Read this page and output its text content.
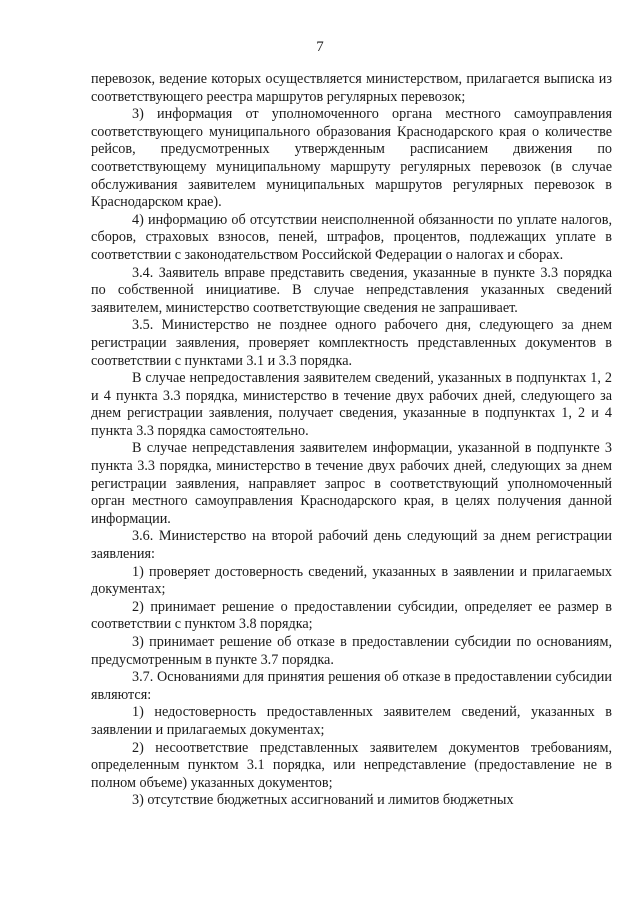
7

перевозок, ведение которых осуществляется министерством, прилагается выписка из соответствующего реестра маршрутов регулярных перевозок;

3) информация от уполномоченного органа местного самоуправления соответствующего муниципального образования Краснодарского края о количестве рейсов, предусмотренных утвержденным расписанием движения по соответствующему муниципальному маршруту регулярных перевозок (в случае обслуживания заявителем муниципальных маршрутов регулярных перевозок в Краснодарском крае).

4) информацию об отсутствии неисполненной обязанности по уплате налогов, сборов, страховых взносов, пеней, штрафов, процентов, подлежащих уплате в соответствии с законодательством Российской Федерации о налогах и сборах.

3.4. Заявитель вправе представить сведения, указанные в пункте 3.3 порядка по собственной инициативе. В случае непредставления указанных сведений заявителем, министерство соответствующие сведения не запрашивает.

3.5. Министерство не позднее одного рабочего дня, следующего за днем регистрации заявления, проверяет комплектность представленных документов в соответствии с пунктами 3.1 и 3.3 порядка.

В случае непредоставления заявителем сведений, указанных в подпунктах 1, 2 и 4 пункта 3.3 порядка, министерство в течение двух рабочих дней, следующего за днем регистрации заявления, получает сведения, указанные в подпунктах 1, 2 и 4 пункта 3.3 порядка самостоятельно.

В случае непредставления заявителем информации, указанной в подпункте 3 пункта 3.3 порядка, министерство в течение двух рабочих дней, следующих за днем регистрации заявления, направляет запрос в соответствующий уполномоченный орган местного самоуправления Краснодарского края, в целях получения данной информации.

3.6. Министерство на второй рабочий день следующий за днем регистрации заявления:

1) проверяет достоверность сведений, указанных в заявлении и прилагаемых документах;

2) принимает решение о предоставлении субсидии, определяет ее размер в соответствии с пунктом 3.8 порядка;

3) принимает решение об отказе в предоставлении субсидии по основаниям, предусмотренным в пункте 3.7 порядка.

3.7. Основаниями для принятия решения об отказе в предоставлении субсидии являются:

1) недостоверность предоставленных заявителем сведений, указанных в заявлении и прилагаемых документах;

2) несоответствие представленных заявителем документов требованиям, определенным пунктом 3.1 порядка, или непредставление (предоставление не в полном объеме) указанных документов;

3) отсутствие бюджетных ассигнований и лимитов бюджетных
